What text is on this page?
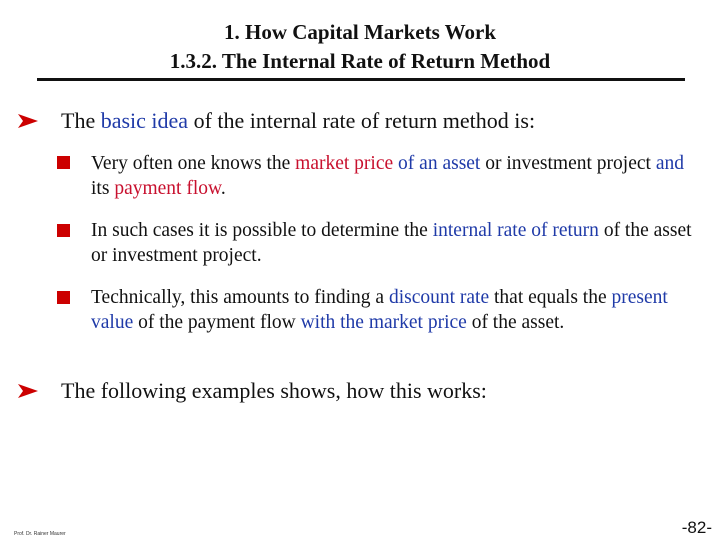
1. How Capital Markets Work
1.3.2. The Internal Rate of Return Method
The basic idea of the internal rate of return method is:
Very often one knows the market price of an asset or investment project and its payment flow.
In such cases it is possible to determine the internal rate of return of the asset or investment project.
Technically, this amounts to finding a discount rate that equals the present value of the payment flow with the market price of the asset.
The following examples shows, how this works:
Prof. Dr. Rainer Maurer	-82-
